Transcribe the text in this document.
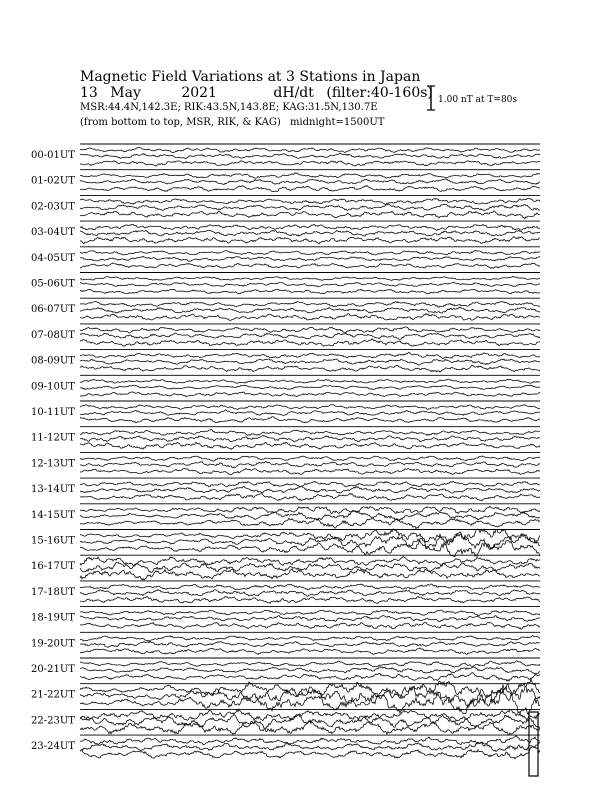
Magnetic Field Variations at 3 Stations in Japan
13 May	2021	dH/dt (filter:40-160s)
MSR:44.4N,142.3E; RIK:43.5N,143.8E; KAG:31.5N,130.7E
(from bottom to top, MSR, RIK, & KAG) midnight=1500UT
1.00 nT at T=80s
00-01UT
01-02UT
02-03UT
03-04UT
04-05UT
05-06UT
06-07UT
07-08UT
08-09UT
09-10UT
10-11UT
11-12UT
12-13UT
13-14UT
14-15UT
15-16UT
16-17UT
17-18UT
18-19UT
19-20UT
20-21UT
21-22UT
22-23UT
23-24UT
